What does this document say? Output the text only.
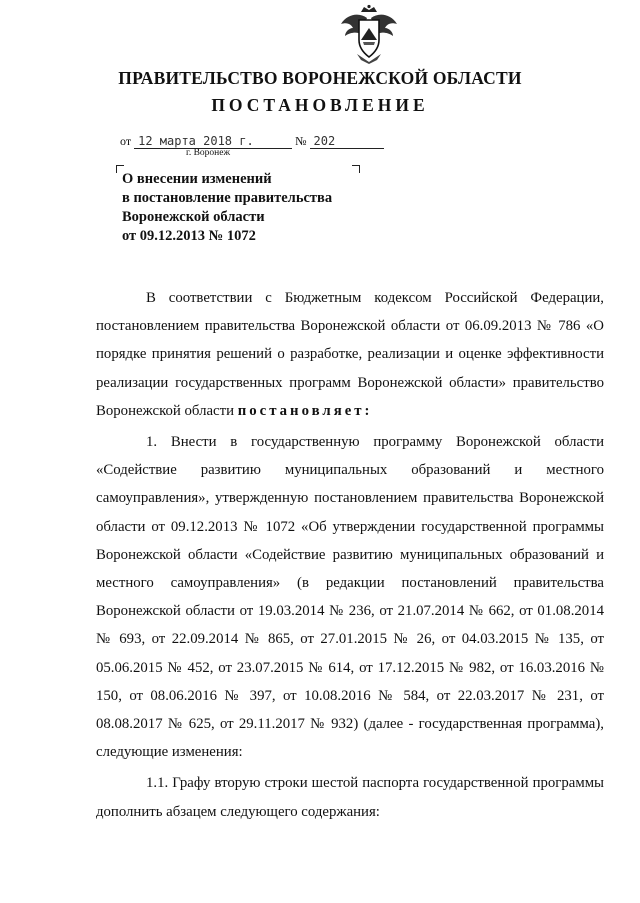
ПРАВИТЕЛЬСТВО ВОРОНЕЖСКОЙ ОБЛАСТИ
ПОСТАНОВЛЕНИЕ
от 12 марта 2018 г.	№ 202
г. Воронеж
О внесении изменений
в постановление правительства
Воронежской области
от 09.12.2013 № 1072

В соответствии с Бюджетным кодексом Российской Федерации, постановлением правительства Воронежской области от 06.09.2013 № 786 «О порядке принятия решений о разработке, реализации и оценке эффективности реализации государственных программ Воронежской области» правительство Воронежской области постановляет:

1. Внести в государственную программу Воронежской области «Содействие развитию муниципальных образований и местного самоуправления», утвержденную постановлением правительства Воронежской области от 09.12.2013 № 1072 «Об утверждении государственной программы Воронежской области «Содействие развитию муниципальных образований и местного самоуправления» (в редакции постановлений правительства Воронежской области от 19.03.2014 № 236, от 21.07.2014 № 662, от 01.08.2014 № 693, от 22.09.2014 № 865, от 27.01.2015 № 26, от 04.03.2015 № 135, от 05.06.2015 № 452, от 23.07.2015 № 614, от 17.12.2015 № 982, от 16.03.2016 № 150, от 08.06.2016 № 397, от 10.08.2016 № 584, от 22.03.2017 № 231, от 08.08.2017 № 625, от 29.11.2017 № 932) (далее - государственная программа), следующие изменения:

1.1. Графу вторую строки шестой паспорта государственной программы дополнить абзацем следующего содержания:
